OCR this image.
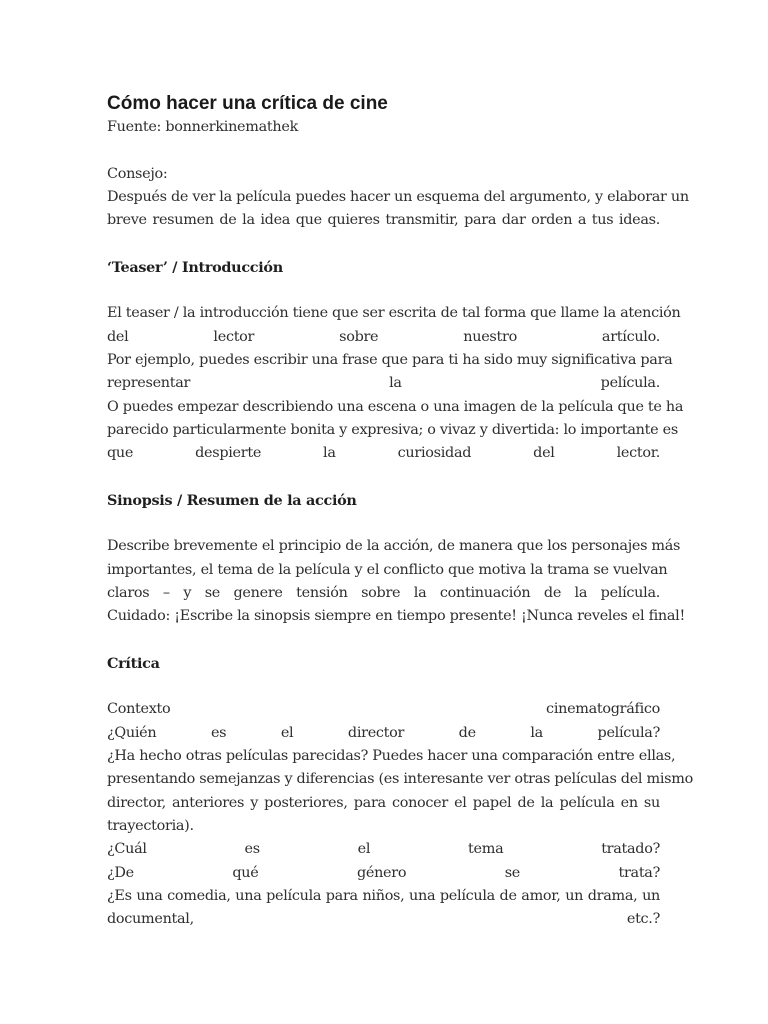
Cómo hacer una crítica de cine
Fuente: bonnerkinemathek
Consejo:
Después de ver la película puedes hacer un esquema del argumento, y elaborar un
breve resumen de la idea que quieres transmitir, para dar orden a tus ideas.
‘Teaser’ / Introducción
El teaser / la introducción tiene que ser escrita de tal forma que llame la atención
del lector sobre nuestro artículo.
Por ejemplo, puedes escribir una frase que para ti ha sido muy significativa para
representar la película.
O puedes empezar describiendo una escena o una imagen de la película que te ha
parecido particularmente bonita y expresiva; o vivaz y divertida: lo importante es
que despierte la curiosidad del lector.
Sinopsis / Resumen de la acción
Describe brevemente el principio de la acción, de manera que los personajes más
importantes, el tema de la película y el conflicto que motiva la trama se vuelvan
claros – y se genere tensión sobre la continuación de la película.
Cuidado: ¡Escribe la sinopsis siempre en tiempo presente! ¡Nunca reveles el final!
Crítica
Contexto cinematográfico
¿Quién es el director de la película?
¿Ha hecho otras películas parecidas? Puedes hacer una comparación entre ellas,
presentando semejanzas y diferencias (es interesante ver otras películas del mismo
director, anteriores y posteriores, para conocer el papel de la película en su
trayectoria).
¿Cuál es el tema tratado?
¿De qué género se trata?
¿Es una comedia, una película para niños, una película de amor, un drama, un
documental, etc.?
